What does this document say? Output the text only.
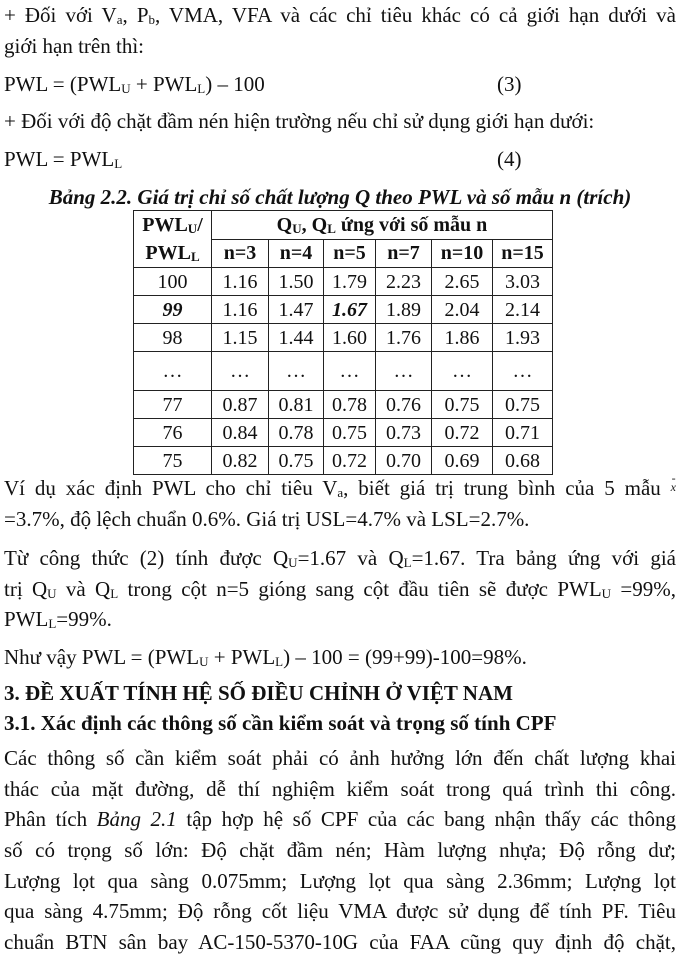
+ Đối với $V_a$, $P_b$, VMA, VFA và các chỉ tiêu khác có cả giới hạn dưới và
giới hạn trên thì:
PWL = $(PWL_U + PWL_L) - 100$	(3)
+ Đối với độ chặt đầm nén hiện trường nếu chỉ sử dụng giới hạn dưới:
PWL = $PWL_L$	(4)
Bảng 2.2. Giá trị chỉ số chất lượng Q theo PWL và số mẫu n (trích)
$PWL_U/$
$PWL_L$	$Q_U$, $Q_L$ ứng với số mẫu n					
	n=3	n=4	n=5	n=7	n=10	n=15
100	1.16	1.50	1.79	2.23	2.65	3.03
99	1.16	1.47	1.67	1.89	2.04	2.14
98	1.15	1.44	1.60	1.76	1.86	1.93
…	…	…	…	…	…	…
77	0.87	0.81	0.78	0.76	0.75	0.75
76	0.84	0.78	0.75	0.73	0.72	0.71
75	0.82	0.75	0.72	0.70	0.69	0.68
Ví dụ xác định PWL cho chỉ tiêu $V_a$, biết giá trị trung bình của 5 mẫu - x
=3.7%, độ lệch chuẩn 0.6%. Giá trị USL=4.7% và LSL=2.7%.
Từ công thức (2) tính được $Q_U=1.67$ và $Q_L=1.67$. Tra bảng ứng với giá
trị $Q_U$ và $Q_L$ trong cột n=5 gióng sang cột đầu tiên sẽ được $PWL_U =99\%$,
$PWL_L=99\%$.
Như vậy PWL = $(PWL_U + PWL_L) - 100 = (99+99)-100=98\%$.
3. ĐỀ XUẤT TÍNH HỆ SỐ ĐIỀU CHỈNH Ở VIỆT NAM
3.1. Xác định các thông số cần kiểm soát và trọng số tính CPF
Các thông số cần kiểm soát phải có ảnh hưởng lớn đến chất lượng khai
thác của mặt đường, dễ thí nghiệm kiểm soát trong quá trình thi công.
Phân tích Bảng 2.1 tập hợp hệ số CPF của các bang nhận thấy các thông
số có trọng số lớn: Độ chặt đầm nén; Hàm lượng nhựa; Độ rỗng dư;
Lượng lọt qua sàng 0.075mm; Lượng lọt qua sàng 2.36mm; Lượng lọt
qua sàng 4.75mm; Độ rỗng cốt liệu VMA được sử dụng để tính PF. Tiêu
chuẩn BTN sân bay AC-150-5370-10G của FAA cũng quy định độ chặt,
